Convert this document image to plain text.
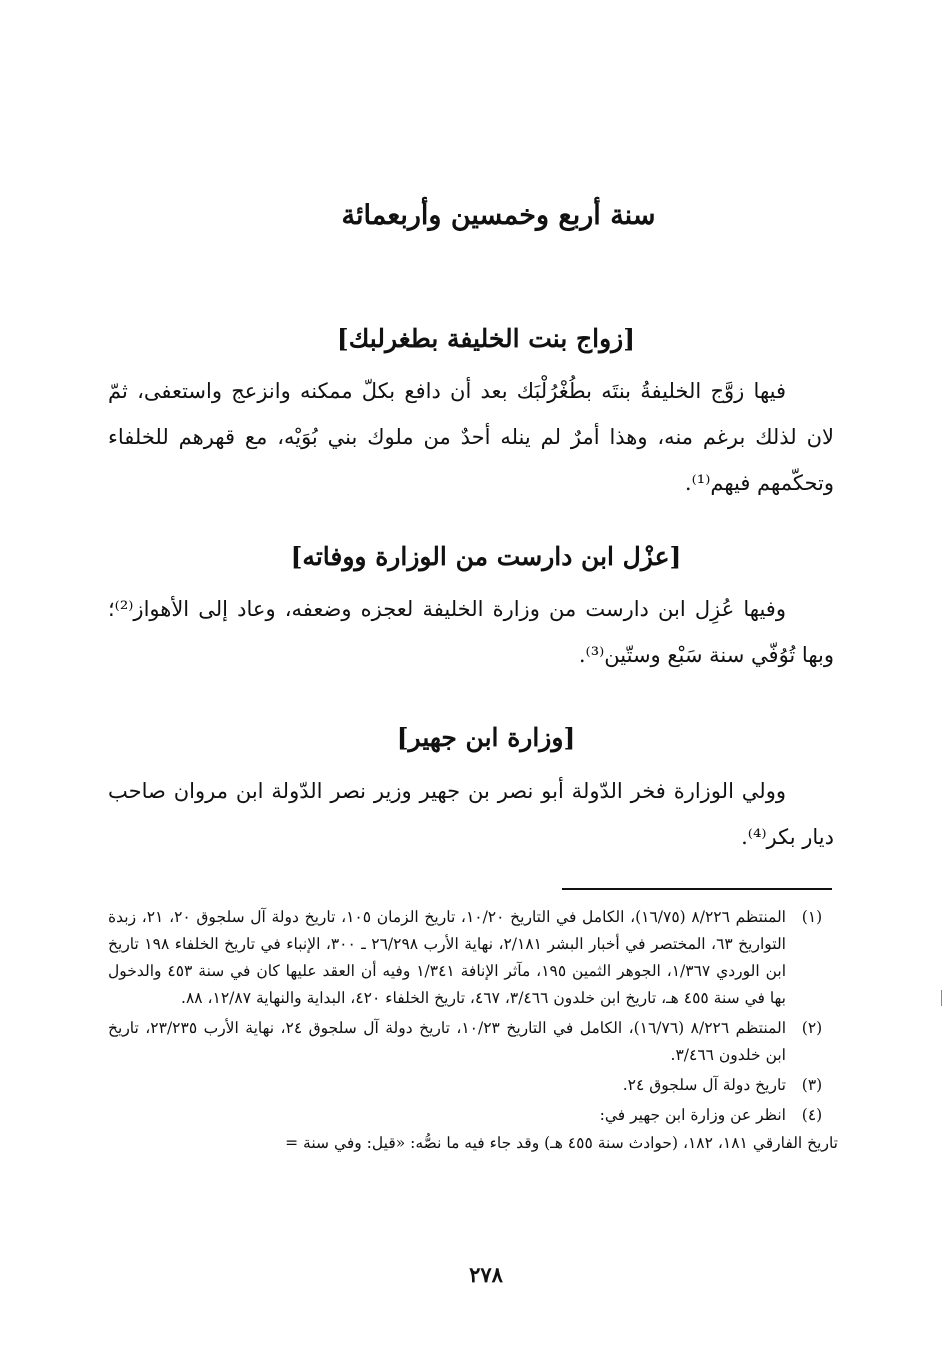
سنة أربع وخمسين وأربعمائة
[زواج بنت الخليفة بطغرلبك]

فيها زوَّج الخليفةُ بنتَه بطُغْرُلْبَك بعد أن دافع بكلّ ممكنه وانزعج واستعفى، ثمّ لان لذلك برغم منه، وهذا أمرٌ لم ينله أحدٌ من ملوك بني بُوَيْه، مع قهرهم للخلفاء وتحكّمهم فيهم⁽¹⁾.

[عزْل ابن دارست من الوزارة ووفاته]

وفيها عُزِل ابن دارست من وزارة الخليفة لعجزه وضعفه، وعاد إلى الأهواز⁽²⁾؛ وبها تُوُفّي سنة سَبْع وستّين⁽³⁾.

[وزارة ابن جهير]

وولي الوزارة فخر الدّولة أبو نصر بن جهير وزير نصر الدّولة ابن مروان صاحب ديار بكر⁽⁴⁾.

(١)
المنتظم ٨/٢٢٦ (١٦/٧٥)، الكامل في التاريخ ١٠/٢٠، تاريخ الزمان ١٠٥، تاريخ دولة آل سلجوق ٢٠، ٢١، زبدة التواريخ ٦٣، المختصر في أخبار البشر ٢/١٨١، نهاية الأرب ٢٦/٢٩٨ ـ ٣٠٠، الإنباء في تاريخ الخلفاء ١٩٨ تاريخ ابن الوردي ١/٣٦٧، الجوهر الثمين ١٩٥، مآثر الإنافة ١/٣٤١ وفيه أن العقد عليها كان في سنة ٤٥٣ والدخول بها في سنة ٤٥٥ هـ، تاريخ ابن خلدون ٣/٤٦٦، ٤٦٧، تاريخ الخلفاء ٤٢٠، البداية والنهاية ١٢/٨٧، ٨٨.
(٢)
المنتظم ٨/٢٢٦ (١٦/٧٦)، الكامل في التاريخ ١٠/٢٣، تاريخ دولة آل سلجوق ٢٤، نهاية الأرب ٢٣/٢٣٥، تاريخ ابن خلدون ٣/٤٦٦.
(٣)
تاريخ دولة آل سلجوق ٢٤.
(٤)
انظر عن وزارة ابن جهير في:
تاريخ الفارقي ١٨١، ١٨٢، (حوادث سنة ٤٥٥ هـ) وقد جاء فيه ما نصُّه: «قيل: وفي سنة =
٢٧٨
